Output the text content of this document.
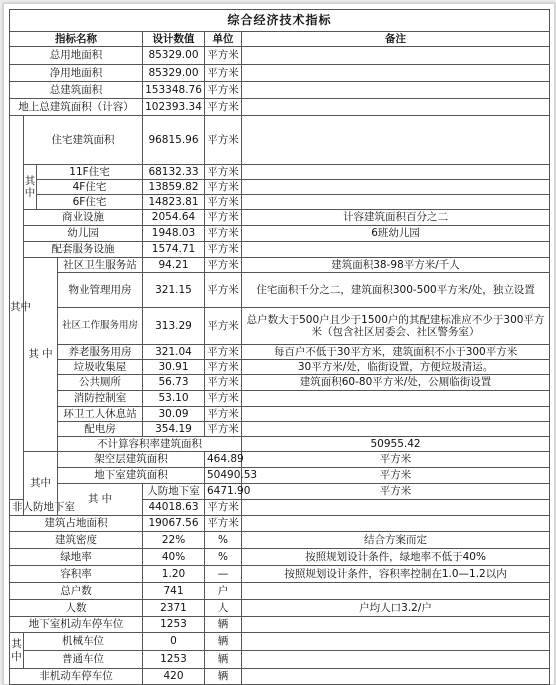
综合经济技术指标							
指标名称				设计数值	单位	备注	
总用地面积				85329.00	平方米		
净用地面积				85329.00	平方米		
总建筑面积				153348.76	平方米		
地上总建筑面积（计容）				102393.34	平方米		
其中	住宅建筑面积			96815.96	平方米		
	其 中	11F住宅		68132.33	平方米		
		4F住宅		13859.82	平方米		
		6F住宅		14823.81	平方米		
	商业设施			2054.64	平方米	计容建筑面积百分之二	
	幼儿园			1948.03	平方米	6班幼儿园	
	配套服务设施			1574.71	平方米		
	其 中		社区卫生服务站	94.21	平方米	建筑面积38-98平方米/千人	
			物业管理用房	321.15	平方米	住宅面积千分之二，建筑面积300-500平方米/处，独立设置	
			社区工作服务用房	313.29	平方米	总户数大于500户且少于1500户的其配建标准应不少于300平方米（包含社区居委会、社区警务室）	
			养老服务用房	321.04	平方米	每百户不低于30平方米，建筑面积不小于300平方米	
			垃圾收集屋	30.91	平方米	30平方米/处，临街设置，方便垃圾清运。	
			公共厕所	56.73	平方米	建筑面积60-80平方米/处，公厕临街设置	
			消防控制室	53.10	平方米		
			环卫工人休息站	30.09	平方米		
			配电房	354.19	平方米		
			不计算容积率建筑面积			50955.42		
	其中		架空层建筑面积		464.89	平方米	
			地下室建筑面积		50490.53	平方米	
			其 中	人防地下室	6471.90	平方米	
非人防地下室				44018.63	平方米		
建筑占地面积				19067.56	平方米		
建筑密度				22%	%	结合方案而定	
绿地率				40%	%	按照规划设计条件，绿地率不低于40%	
容积率				1.20	—	按照规划设计条件，容积率控制在1.0—1.2以内	
总户数				741	户		
人数				2371	人	户均人口3.2/户	
地下室机动车停车位				1253	辆		
其 中	机械车位			0	辆		
	普通车位			1253	辆		
非机动车停车位				420	辆		
